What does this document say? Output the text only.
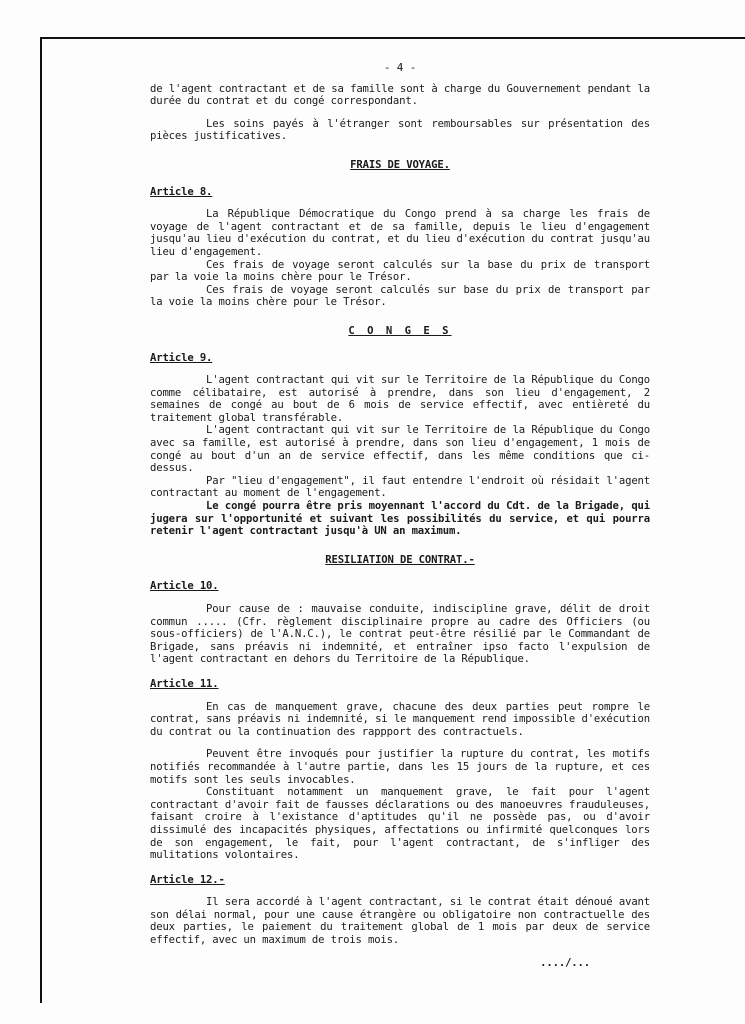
- 4 -

de l'agent contractant et de sa famille sont à charge du Gouvernement pendant la durée du contrat et du congé correspondant.

Les soins payés à l'étranger sont remboursables sur présentation des pièces justificatives.

FRAIS DE VOYAGE.
Article 8.

La République Démocratique du Congo prend à sa charge les frais de voyage de l'agent contractant et de sa famille, depuis le lieu d'engagement jusqu'au lieu d'exécution du contrat, et du lieu d'exécution du contrat jusqu'au lieu d'engagement.

Ces frais de voyage seront calculés sur la base du prix de transport par la voie la moins chère pour le Trésor.

Ces frais de voyage seront calculés sur base du prix de transport par la voie la moins chère pour le Trésor.

C O N G E S
Article 9.

L'agent contractant qui vit sur le Territoire de la République du Congo comme célibataire, est autorisé à prendre, dans son lieu d'engagement, 2 semaines de congé au bout de 6 mois de service effectif, avec entièreté du traitement global transférable.

L'agent contractant qui vit sur le Territoire de la République du Congo avec sa famille, est autorisé à prendre, dans son lieu d'engagement, 1 mois de congé au bout d'un an de service effectif, dans les même conditions que ci-dessus.

Par "lieu d'engagement", il faut entendre l'endroit où résidait l'agent contractant au moment de l'engagement.

Le congé pourra être pris moyennant l'accord du Cdt. de la Brigade, qui jugera sur l'opportunité et suivant les possibilités du service, et qui pourra retenir l'agent contractant jusqu'à UN an maximum.

RESILIATION DE CONTRAT.-
Article 10.

Pour cause de : mauvaise conduite, indiscipline grave, délit de droit commun ..... (Cfr. règlement disciplinaire propre au cadre des Officiers (ou sous-officiers) de l'A.N.C.), le contrat peut-être résilié par le Commandant de Brigade, sans préavis ni indemnité, et entraîner ipso facto l'expulsion de l'agent contractant en dehors du Territoire de la République.

Article 11.

En cas de manquement grave, chacune des deux parties peut rompre le contrat, sans préavis ni indemnité, si le manquement rend impossible d'exécution du contrat ou la continuation des rappport des contractuels.

Peuvent être invoqués pour justifier la rupture du contrat, les motifs notifiés recommandée à l'autre partie, dans les 15 jours de la rupture, et ces motifs sont les seuls invocables.

Constituant notamment un manquement grave, le fait pour l'agent contractant d'avoir fait de fausses déclarations ou des manoeuvres frauduleuses, faisant croire à l'existance d'aptitudes qu'il ne possède pas, ou d'avoir dissimulé des incapacités physiques, affectations ou infirmité quelconques lors de son engagement, le fait, pour l'agent contractant, de s'infliger des mulitations volontaires.

Article 12.-

Il sera accordé à l'agent contractant, si le contrat était dénoué avant son délai normal, pour une cause étrangère ou obligatoire non contractuelle des deux parties, le paiement du traitement global de 1 mois par deux de service effectif, avec un maximum de trois mois.

..../...
